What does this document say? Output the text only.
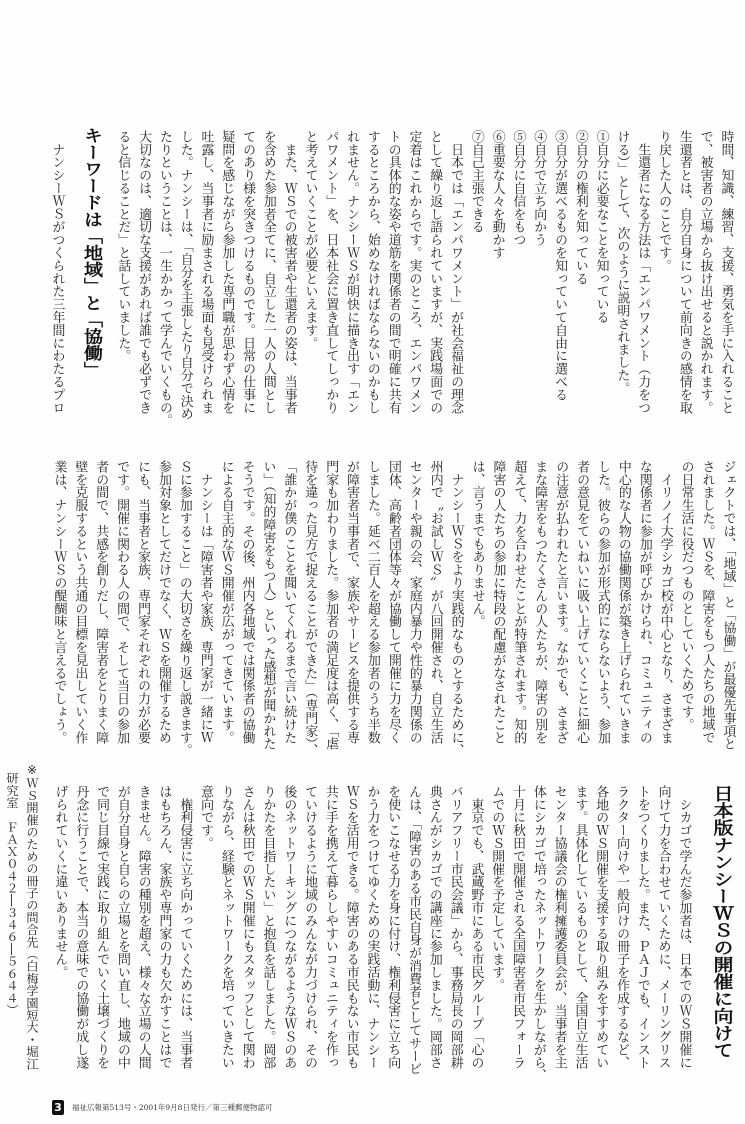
時間、知識、練習、支援、勇気を手に入れること
で、被害者の立場から抜け出せると説かれます。
生還者とは、自分自身について前向きの感情を取
り戻した人のことです。
　生還者になる方法は「エンパワメント（力をつ
ける）」として、次のように説明されました。
①自分に必要なことを知っている
②自分の権利を知っている
③自分が選べるものを知っていて自由に選べる
④自分で立ち向かう
⑤自分に自信をもつ
⑥重要な人々を動かす
⑦自己主張できる
　日本では「エンパワメント」が社会福祉の理念
として繰り返し語られていますが、実践場面での
定着はこれからです。実のところ、エンパワメン
トの具体的な姿や道筋を関係者の間で明確に共有
するところから、始めなければならないのかもし
れません。ナンシーＷＳが明快に描き出す「エン
パワメント」を、日本社会に置き直してしっかり
と考えていくことが必要といえます。
　また、ＷＳでの被害者や生還者の姿は、当事者
を含めた参加者全てに、自立した一人の人間とし
てのあり様を突きつけるものです。日常の仕事に
疑問を感じながら参加した専門職が思わず心情を
吐露し、当事者に励まされる場面も見受けられま
した。ナンシーは、「自分を主張したり自分で決め
たりということは、一生かかって学んでいくもの。
大切なのは、適切な支援があれば誰でも必ずでき
ると信じることだ」と話していました。
　ナンシーＷＳがつくられた三年間にわたるプロ キーワードは「地域」と「協働」
ジェクトでは、「地域」と「協働」が最優先事項と
されました。ＷＳを、障害をもつ人たちの地域で
の日常生活に役だつものとしていくためです。
　イリノイ大学シカゴ校が中心となり、さまざま
な関係者に参加が呼びかけられ、コミュニティの
中心的な人物の協働関係が築き上げられていきま
した。彼らの参加が形式的にならないよう、参加
者の意見をていねいに吸い上げていくことに細心
の注意が払われたと言います。なかでも、さまざ
まな障害をもつたくさんの人たちが、障害の別を
超えて、力を合わせたことが特筆されます。知的
障害の人たちの参加に特段の配慮がなされたこと
は、言うまでもありません。
　ナンシーＷＳをより実践的なものとするために、
州内で〝お試しＷＳ〟が八回開催され、自立生活
センターや親の会、家庭内暴力や性的暴力関係の
団体、高齢者団体等々が協働して開催に力を尽く
しました。延べ二百人を超える参加者のうち半数
が障害者当事者で、家族やサービスを提供する専
門家も加わりました。参加者の満足度は高く、「虐
待を違った見方で捉えることができた」（専門家）、
「誰かが僕のことを聞いてくれるまで言い続けた
い」（知的障害をもつ人）といった感想が聞かれた
そうです。その後、州内各地域では関係者の協働
による自主的なＷＳ開催が広がってきています。
　ナンシーは「障害者や家族、専門家が一緒にＷ
Ｓに参加すること」の大切さを繰り返し説きます。
参加対象としてだけでなく、ＷＳを開催するため
にも、当事者と家族、専門家それぞれの力が必要
です。開催に関わる人の間で、そして当日の参加
者の間で、共感を創りだし、障害者をとりまく障
壁を克服するという共通の目標を見出していく作
業は、ナンシーＷＳの醍醐味と言えるでしょう。
日本版ナンシーＷＳの開催に向けて
　シカゴで学んだ参加者は、日本でのＷＳ開催に
向けて力を合わせていくために、メーリングリス
トをつくりました。また、ＰＡＪでも、インスト
ラクター向けや一般向けの冊子を作成するなど、
各地のＷＳ開催を支援する取り組みをすすめてい
ます。具体化しているものとして、全国自立生活
センター協議会の権利擁護委員会が、当事者を主
体にシカゴで培ったネットワークを生かしながら、
十月に秋田で開催される全国障害者市民フォーラ
ムでのＷＳ開催を予定しています。
　東京でも、武蔵野市にある市民グループ「心の
バリアフリー市民会議」から、事務局長の岡部耕
典さんがシカゴでの講座に参加しました。岡部さ
んは、「障害のある市民自身が消費者としてサービ
を使いこなせる力を身に付け、権利侵害に立ち向
かう力をつけてゆくための実践活動に、ナンシー
ＷＳを活用できる。障害のある市民もない市民も
共に手を携えて暮らしやすいコミュニティを作っ
ていけるように地域のみんなが力づけられ、その
後のネットワーキングにつながるようなＷＳのあ
りかたを目指したい」と抱負を話しました。岡部
さんは秋田でのＷＳ開催にもスタッフとして関わ
りながら、経験とネットワークを培っていきたい
意向です。
　権利侵害に立ち向かっていくためには、当事者
はもちろん、家族や専門家の力も欠かすことはで
きません。障害の種別を超え、様々な立場の人間
が自分自身と自らの立場とを問い直し、地域の中
で同じ目線で実践に取り組んでいく土壌づくりを
丹念に行うことで、本当の意味での協働が成し遂
げられていくに違いありません。
※ＷＳ開催のための冊子の問合先（白梅学園短大・堀江
研究室　ＦＡＸ０４２―３４６―５６４４）
3 福祉広報第513号・2001年9月8日発行／第三種郵便物認可
